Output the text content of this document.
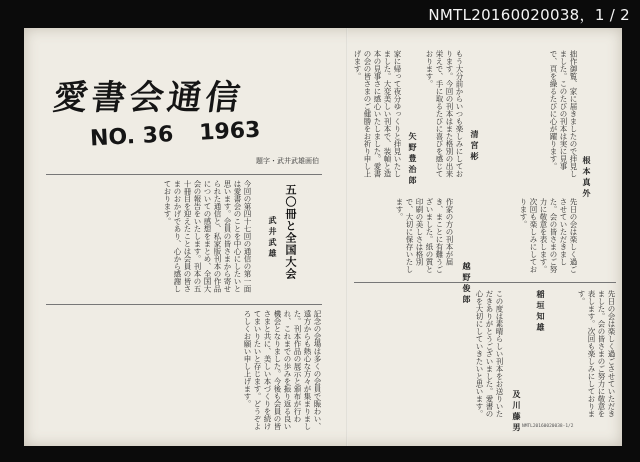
NMTL20160020038，1 / 2
愛書会通信
NO. 36 1963
題字・武井武雄画伯
五〇冊と全国大会
武井武雄
今回の第四十七回の通信の第一面は愛書会のことを中心にしたいと思います。会員の皆さまから寄せられた通信と、私家版刊本の作品についての感想をまとめ、全国大会の報告をいたします。刊本の五十冊目を迎えたことは会員の皆さまのおかげであり、心から感謝しております。
記念の会場は多くの会員で賑わい、遠方からも熱心な方々が集まりました。刊本作品の展示と頒布が行われ、これまでの歩みを振り返る良い機会となりました。今後も会員の皆さまと共に、美しい本づくりを続けてまいりたいと存じます。どうぞよろしくお願い申し上げます。
家に帰って夜分ゆっくりと拝見いたしました。大変美しい刊本で、装幀と造本の見事さに感心いたしました。愛書の会の皆さまのご健勝をお祈り申し上げます。
矢野豊治郎	もう大分前からいつも楽しみにしております。今回の刊本はまた格別の出来栄えで、手に取るたびに喜びを感じております。
清宮彬	拙作御覧、家に届きましたので拝見しました。このたびの刊本は実に見事で、頁を繰るたびに心が躍ります。
根本真外
作家の方の刊本が届き、まことに有難うございました。紙の質と印刷の美しさは格別で、大切に保存いたします。
越野俊郎
先日の会は楽しく過ごさせていただきました。会の皆さまのご努力に敬意を表します。次回も楽しみにしております。
稲垣知雄
この度は素晴らしい刊本をお送りいただきありがとうございました。愛書の心を大切にしていきたいと思います。	及川藤男	先日の会は楽しく過ごさせていただきました。会の皆さまのご努力に敬意を表します。次回も楽しみにしております。
NMTL20160020038-1/2
